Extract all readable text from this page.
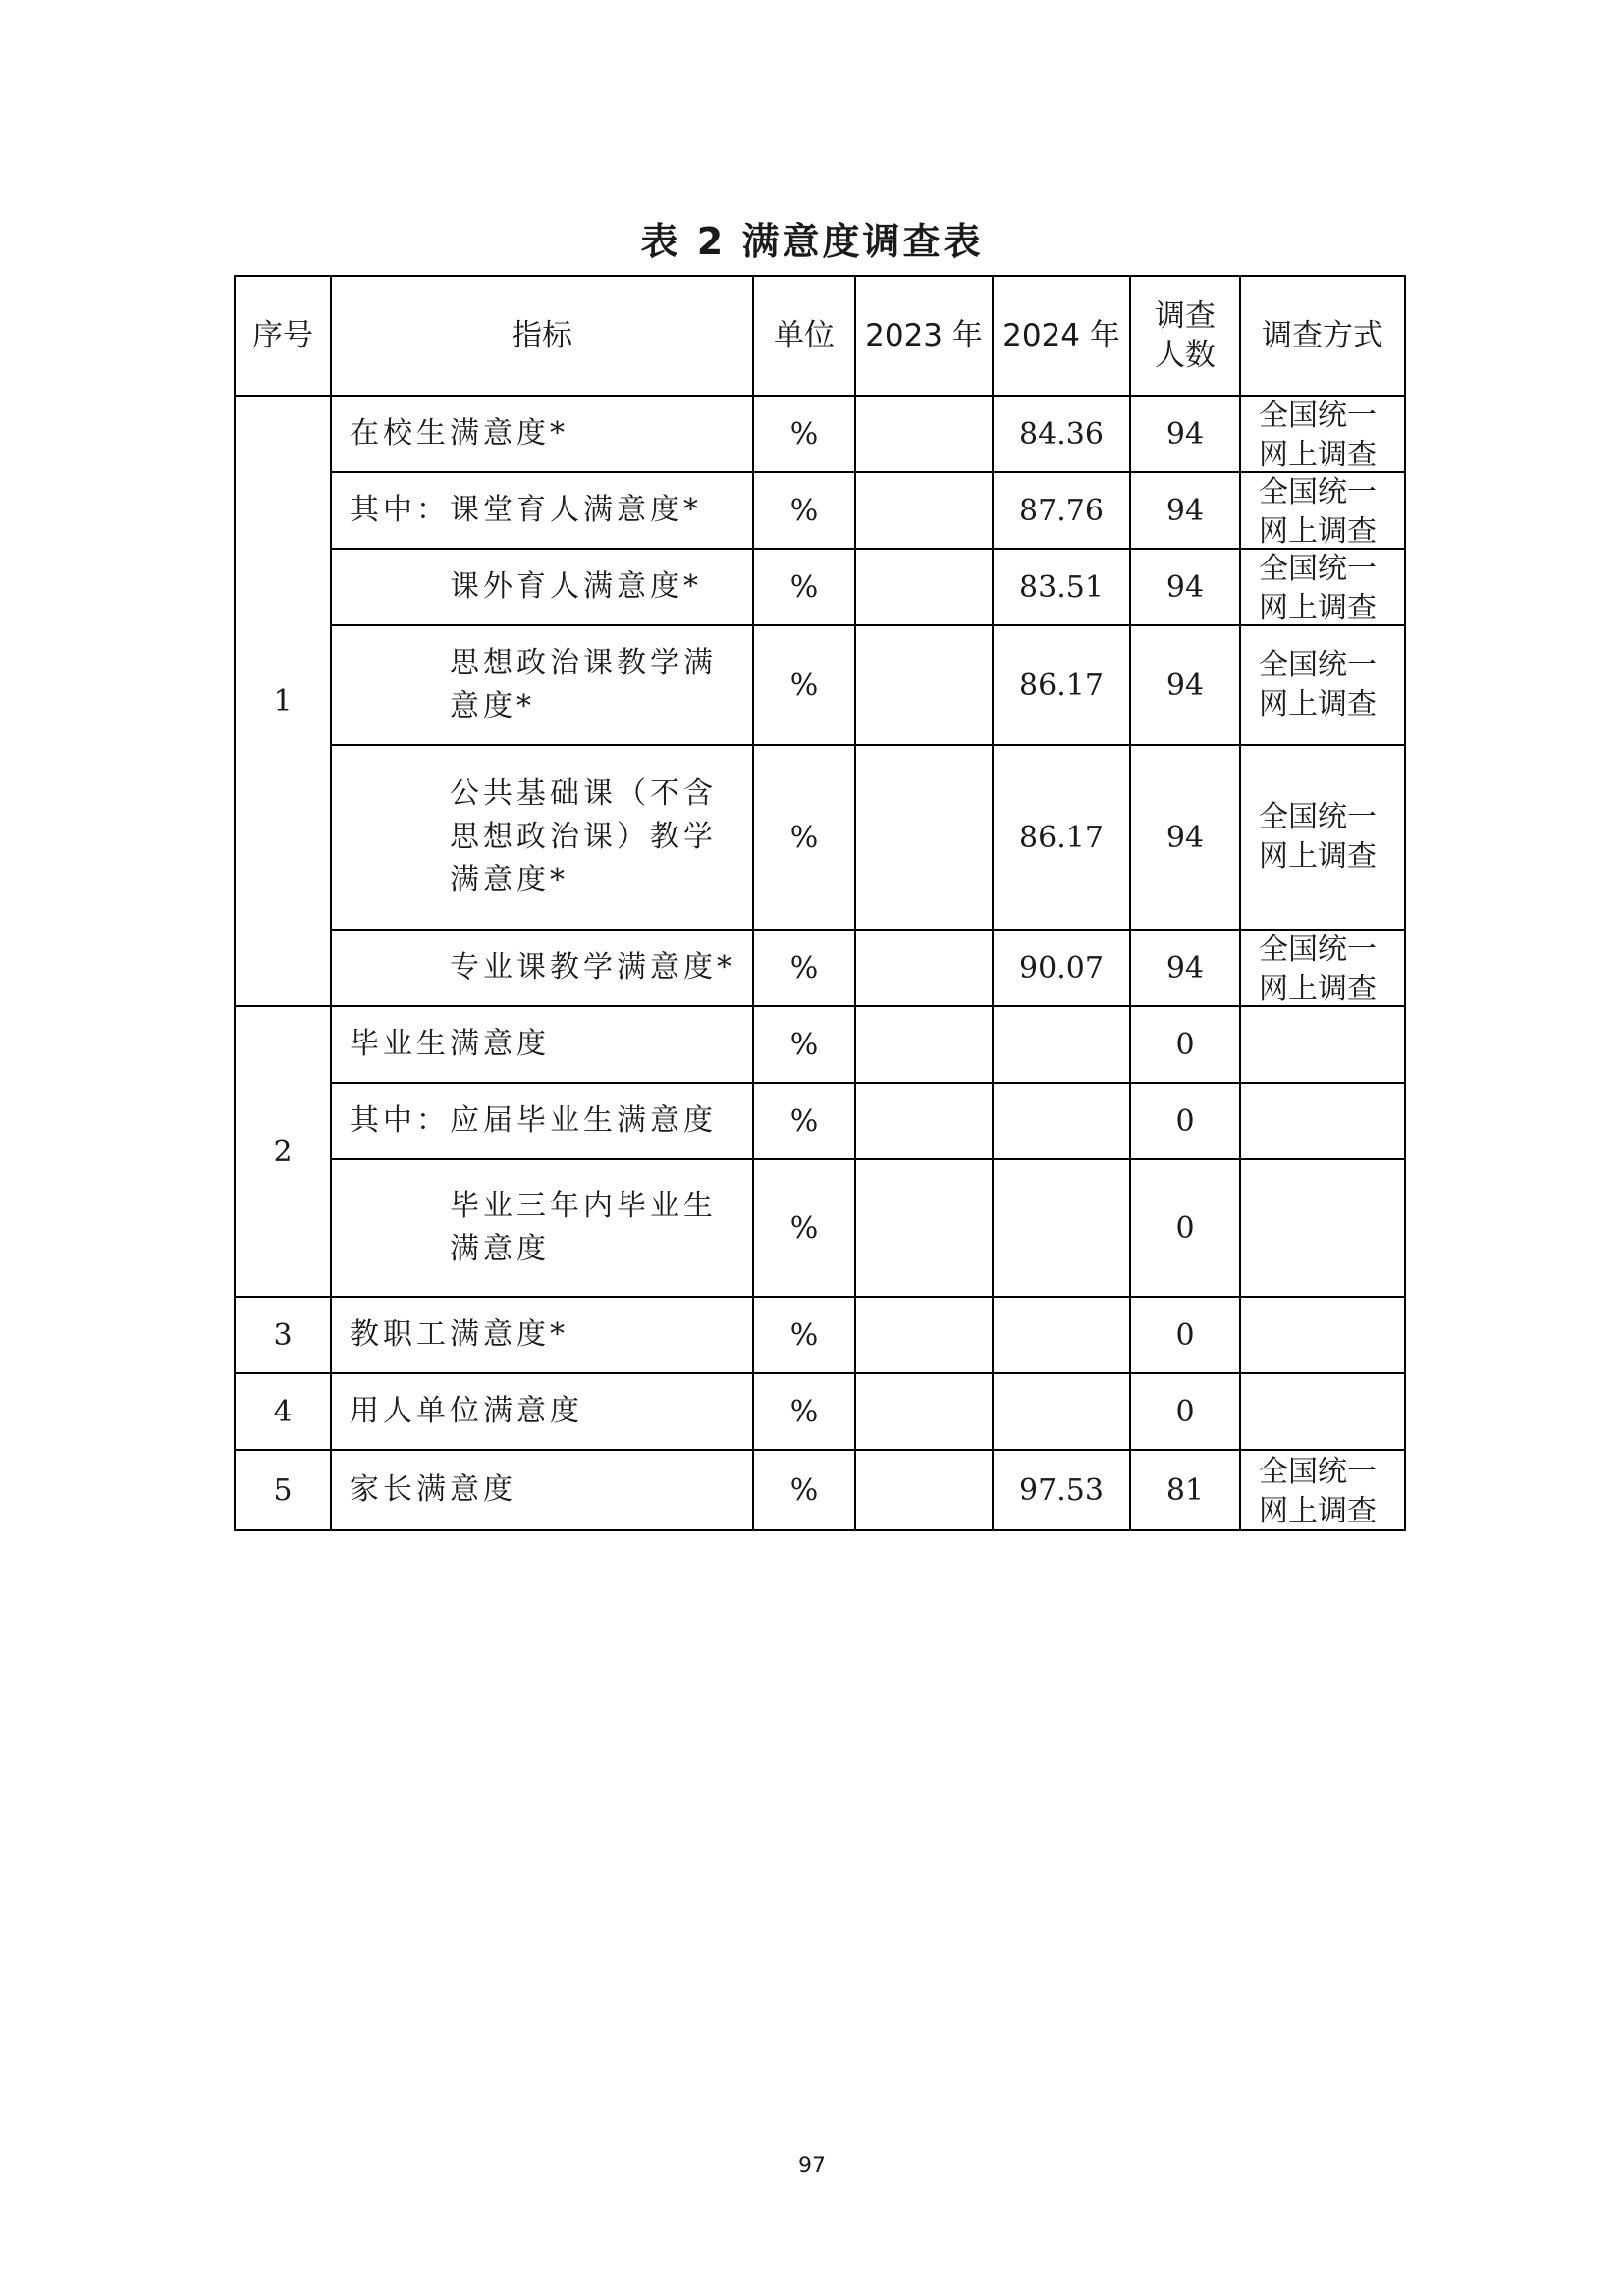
表 2 满意度调查表
序号	指标	单位	2023 年	2024 年	调查人数	调查方式
1	在校生满意度*	%		84.36	94	全国统一网上调查

	其中：课堂育人满意度*	%		87.76	94	全国统一网上调查

	课外育人满意度*	%		83.51	94	全国统一网上调查

	思想政治课教学满意度*	%		86.17	94	全国统一网上调查

	公共基础课（不含思想政治课）教学满意度*	%		86.17	94	全国统一网上调查

	专业课教学满意度*	%		90.07	94	全国统一网上调查

2	毕业生满意度	%			0	

	其中：应届毕业生满意度	%			0	

	毕业三年内毕业生满意度	%			0	

3	教职工满意度*	%			0	

4	用人单位满意度	%			0	

5	家长满意度	%		97.53	81	全国统一网上调查
97
